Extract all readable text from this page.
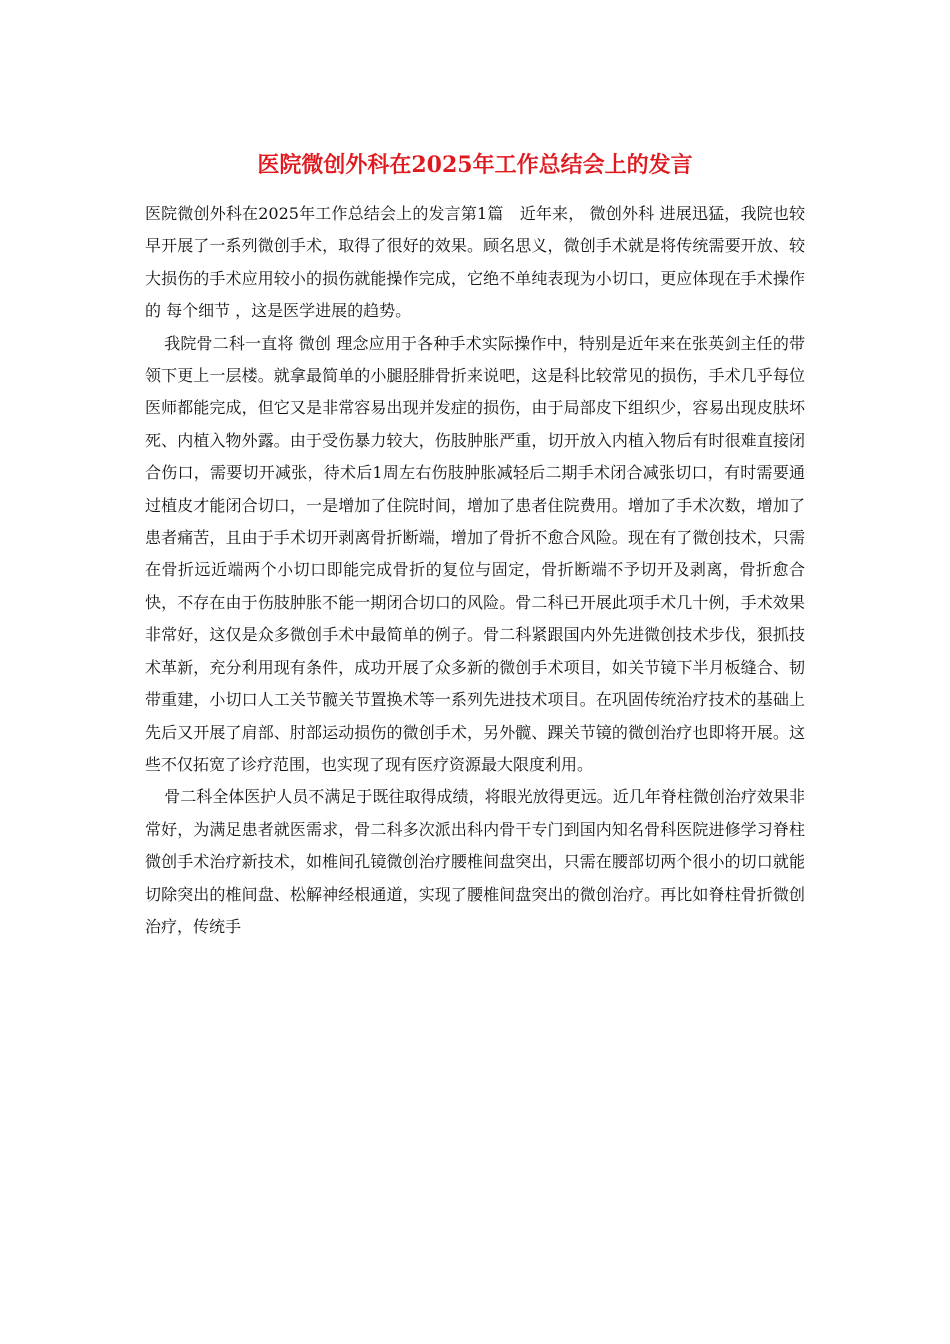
医院微创外科在2025年工作总结会上的发言

医院微创外科在2025年工作总结会上的发言第1篇　近年来， 微创外科 进展迅猛，我院也较早开展了一系列微创手术，取得了很好的效果。顾名思义，微创手术就是将传统需要开放、较大损伤的手术应用较小的损伤就能操作完成，它绝不单纯表现为小切口，更应体现在手术操作的 每个细节 ，这是医学进展的趋势。

我院骨二科一直将 微创 理念应用于各种手术实际操作中，特别是近年来在张英剑主任的带领下更上一层楼。就拿最简单的小腿胫腓骨折来说吧，这是科比较常见的损伤，手术几乎每位医师都能完成，但它又是非常容易出现并发症的损伤，由于局部皮下组织少，容易出现皮肤坏死、内植入物外露。由于受伤暴力较大，伤肢肿胀严重，切开放入内植入物后有时很难直接闭合伤口，需要切开减张，待术后1周左右伤肢肿胀减轻后二期手术闭合减张切口，有时需要通过植皮才能闭合切口，一是增加了住院时间，增加了患者住院费用。增加了手术次数，增加了患者痛苦，且由于手术切开剥离骨折断端，增加了骨折不愈合风险。现在有了微创技术，只需在骨折远近端两个小切口即能完成骨折的复位与固定，骨折断端不予切开及剥离，骨折愈合快，不存在由于伤肢肿胀不能一期闭合切口的风险。骨二科已开展此项手术几十例，手术效果非常好，这仅是众多微创手术中最简单的例子。骨二科紧跟国内外先进微创技术步伐，狠抓技术革新，充分利用现有条件，成功开展了众多新的微创手术项目，如关节镜下半月板缝合、韧带重建，小切口人工关节髋关节置换术等一系列先进技术项目。在巩固传统治疗技术的基础上先后又开展了肩部、肘部运动损伤的微创手术，另外髋、踝关节镜的微创治疗也即将开展。这些不仅拓宽了诊疗范围，也实现了现有医疗资源最大限度利用。

骨二科全体医护人员不满足于既往取得成绩，将眼光放得更远。近几年脊柱微创治疗效果非常好，为满足患者就医需求，骨二科多次派出科内骨干专门到国内知名骨科医院进修学习脊柱微创手术治疗新技术，如椎间孔镜微创治疗腰椎间盘突出，只需在腰部切两个很小的切口就能切除突出的椎间盘、松解神经根通道，实现了腰椎间盘突出的微创治疗。再比如脊柱骨折微创治疗，传统手
